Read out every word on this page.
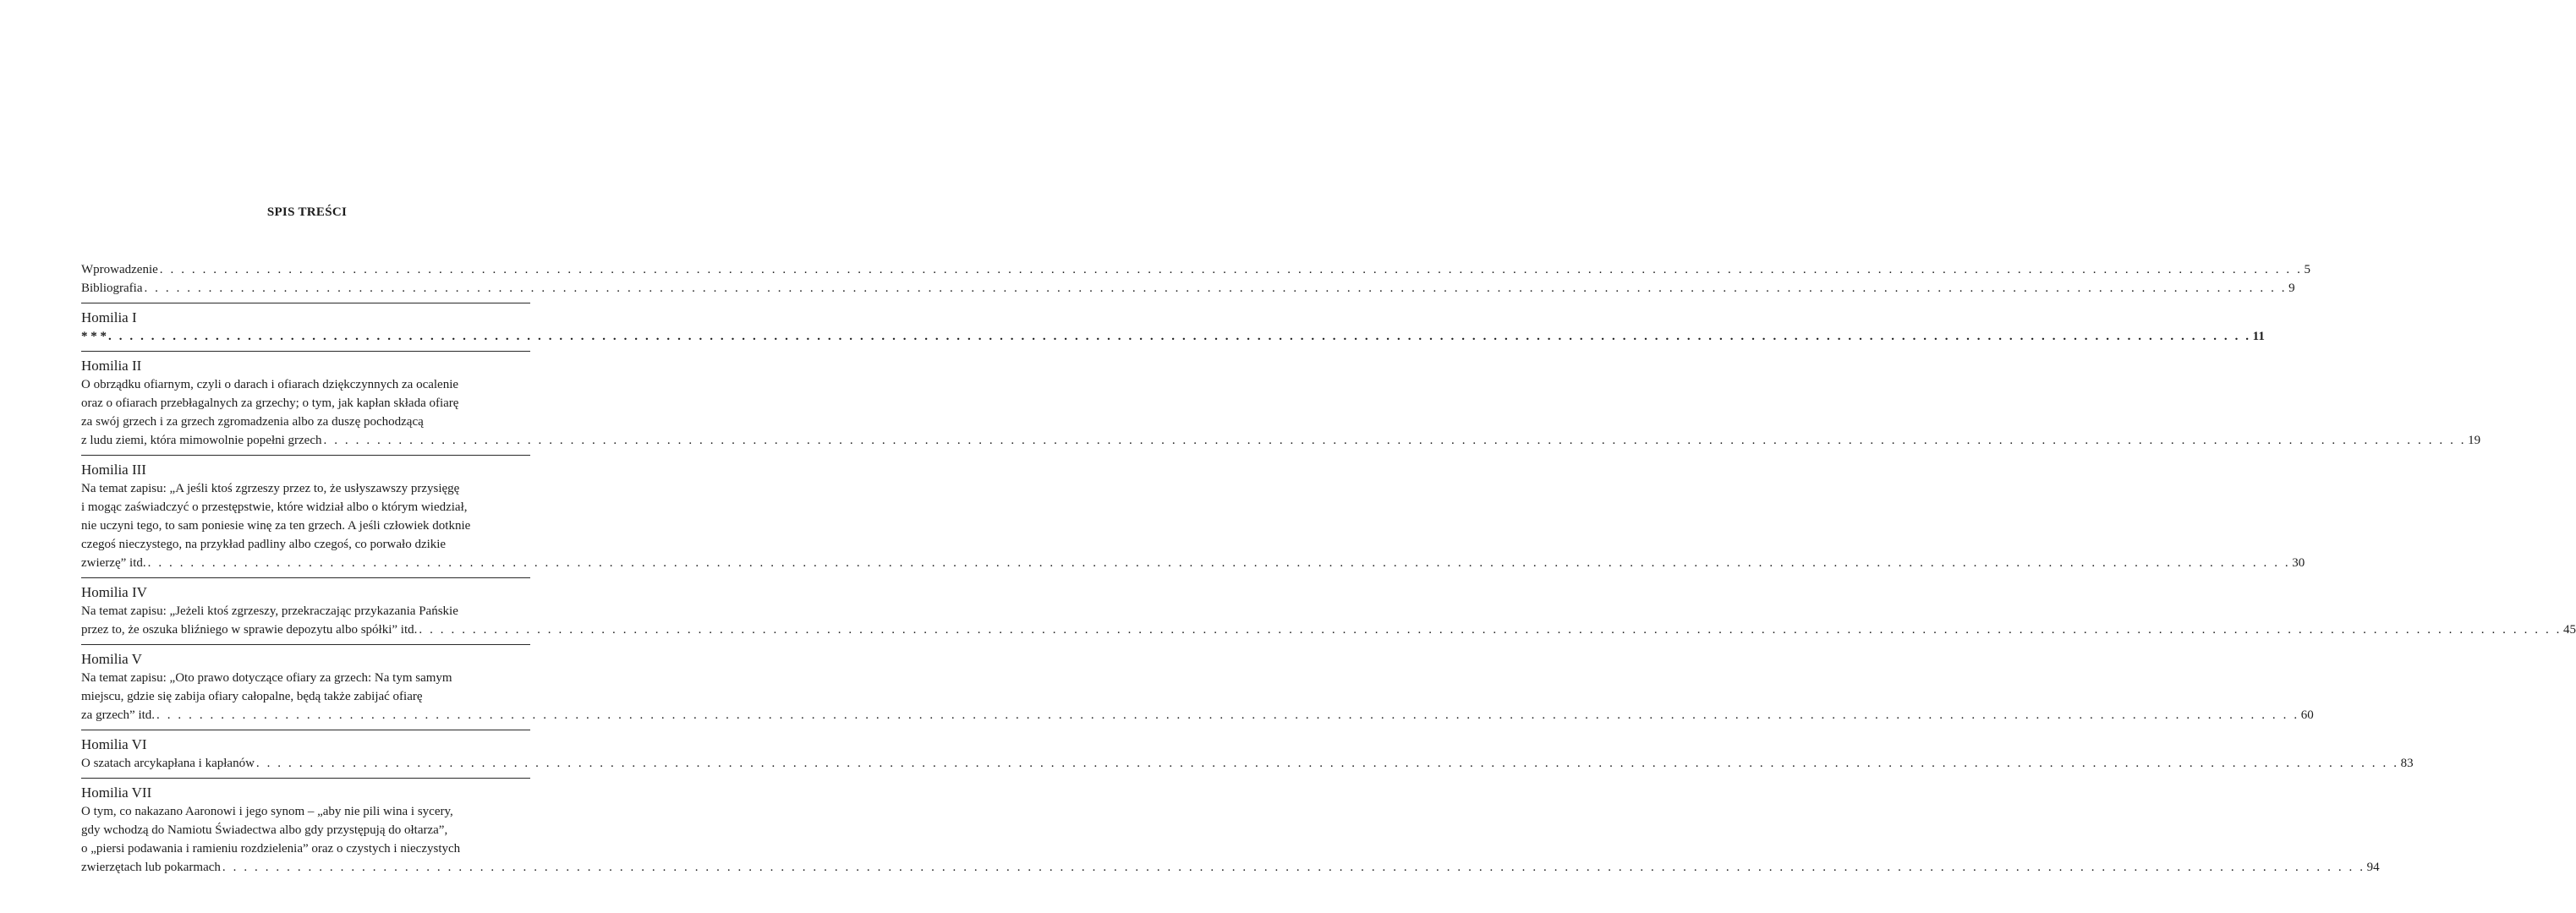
SPIS TREŚCI
Wprowadzenie . . . . . . . . . . . . . . . . . . . . . . . . . . . . . . . . . . . . . . . . . . . . . . . . . . . . . . . . . . . . . . . . . . . . . . . . . . . . . . . . . . . . . . . . . . . . . . . . . . . . . . . . . . . . . . . . . . . . . . . . . . . . . . . . . . . . . . . . . . . . . . . . . . . . . . . . . . . . . . . . . . . . . . . . . . . . . . . . . . . . . . . . . . . . . . . . . . . . . . . . 5
Bibliografia . . . . . . . . . . . . . . . . . . . . . . . . . . . . . . . . . . . . . . . . . . . . . . . . . . . . . . . . . . . . . . . . . . . . . . . . . . . . . . . . . . . . . . . . . . . . . . . . . . . . . . . . . . . . . . . . . . . . . . . . . . . . . . . . . . . . . . . . . . . . . . . . . . . . . . . . . . . . . . . . . . . . . . . . . . . . . . . . . . . . . . . . . . . . . . . . . . . . . . . . 9
Homilia I
* * * . . . . . . . . . . . . . . . . . . . . . . . . . . . . . . . . . . . . . . . . . . . . . . . . . . . . . . . . . . . . . . . . . . . . . . . . . . . . . . . . . . . . . . . . . . . . . . . . . . . . . . . . . . . . . . . . . . . . . . . . . . . . . . . . . . . . . . . . . . . . . . . . . . . . . . . . . . . . . . . . . . . . . . . . . . . . . . . . . . . . . . . . . . . . . . . . . . . . . . . . 11
Homilia II
O obrządku ofiarnym, czyli o darach i ofiarach dziękczynnych za ocalenie
oraz o ofiarach przebłagalnych za grzechy; o tym, jak kapłan składa ofiarę
za swój grzech i za grzech zgromadzenia albo za duszę pochodzącą
z ludu ziemi, która mimowolnie popełni grzech . . . . . . . . . . . . . . . . . . . . . . . . . . . . . . . . . . . . . . . . . . . . . . . . . . . . . . . . . . . . . . . . . . . . . . . . . . . . . . . . . . . . . . . . . . . . . . . . . . . . . . . . . . . . . . . . . . . . . . . . . . . . . . . . . . . . . . . . . . . . . . . . . . . . . . . . . . . . . . . . . . . . . . . . . . . . . . . . . . . . . . . . . . . . . . . . . . . . . . . . 19
Homilia III
Na temat zapisu: „A jeśli ktoś zgrzeszy przez to, że usłyszawszy przysięgę
i mogąc zaświadczyć o przestępstwie, które widział albo o którym wiedział,
nie uczyni tego, to sam poniesie winę za ten grzech. A jeśli człowiek dotknie
czegoś nieczystego, na przykład padliny albo czegoś, co porwało dzikie
zwierzę” itd. . . . . . . . . . . . . . . . . . . . . . . . . . . . . . . . . . . . . . . . . . . . . . . . . . . . . . . . . . . . . . . . . . . . . . . . . . . . . . . . . . . . . . . . . . . . . . . . . . . . . . . . . . . . . . . . . . . . . . . . . . . . . . . . . . . . . . . . . . . . . . . . . . . . . . . . . . . . . . . . . . . . . . . . . . . . . . . . . . . . . . . . . . . . . . . . . . . . . . . . . 30
Homilia IV
Na temat zapisu: „Jeżeli ktoś zgrzeszy, przekraczając przykazania Pańskie
przez to, że oszuka bliźniego w sprawie depozytu albo spółki” itd. . . . . . . . . . . . . . . . . . . . . . . . . . . . . . . . . . . . . . . . . . . . . . . . . . . . . . . . . . . . . . . . . . . . . . . . . . . . . . . . . . . . . . . . . . . . . . . . . . . . . . . . . . . . . . . . . . . . . . . . . . . . . . . . . . . . . . . . . . . . . . . . . . . . . . . . . . . . . . . . . . . . . . . . . . . . . . . . . . . . . . . . . . . . . . . . . . . . . . . . . 45
Homilia V
Na temat zapisu: „Oto prawo dotyczące ofiary za grzech: Na tym samym
miejscu, gdzie się zabija ofiary całopalne, będą także zabijać ofiarę
za grzech” itd. . . . . . . . . . . . . . . . . . . . . . . . . . . . . . . . . . . . . . . . . . . . . . . . . . . . . . . . . . . . . . . . . . . . . . . . . . . . . . . . . . . . . . . . . . . . . . . . . . . . . . . . . . . . . . . . . . . . . . . . . . . . . . . . . . . . . . . . . . . . . . . . . . . . . . . . . . . . . . . . . . . . . . . . . . . . . . . . . . . . . . . . . . . . . . . . . . . . . . . . . 60
Homilia VI
O szatach arcykapłana i kapłanów . . . . . . . . . . . . . . . . . . . . . . . . . . . . . . . . . . . . . . . . . . . . . . . . . . . . . . . . . . . . . . . . . . . . . . . . . . . . . . . . . . . . . . . . . . . . . . . . . . . . . . . . . . . . . . . . . . . . . . . . . . . . . . . . . . . . . . . . . . . . . . . . . . . . . . . . . . . . . . . . . . . . . . . . . . . . . . . . . . . . . . . . . . . . . . . . . . . . . . . . 83
Homilia VII
O tym, co nakazano Aaronowi i jego synom – „aby nie pili wina i sycery,
gdy wchodzą do Namiotu Świadectwa albo gdy przystępują do ołtarza”,
o „piersi podawania i ramieniu rozdzielenia” oraz o czystych i nieczystych
zwierzętach lub pokarmach . . . . . . . . . . . . . . . . . . . . . . . . . . . . . . . . . . . . . . . . . . . . . . . . . . . . . . . . . . . . . . . . . . . . . . . . . . . . . . . . . . . . . . . . . . . . . . . . . . . . . . . . . . . . . . . . . . . . . . . . . . . . . . . . . . . . . . . . . . . . . . . . . . . . . . . . . . . . . . . . . . . . . . . . . . . . . . . . . . . . . . . . . . . . . . . . . . . . . . . . 94
